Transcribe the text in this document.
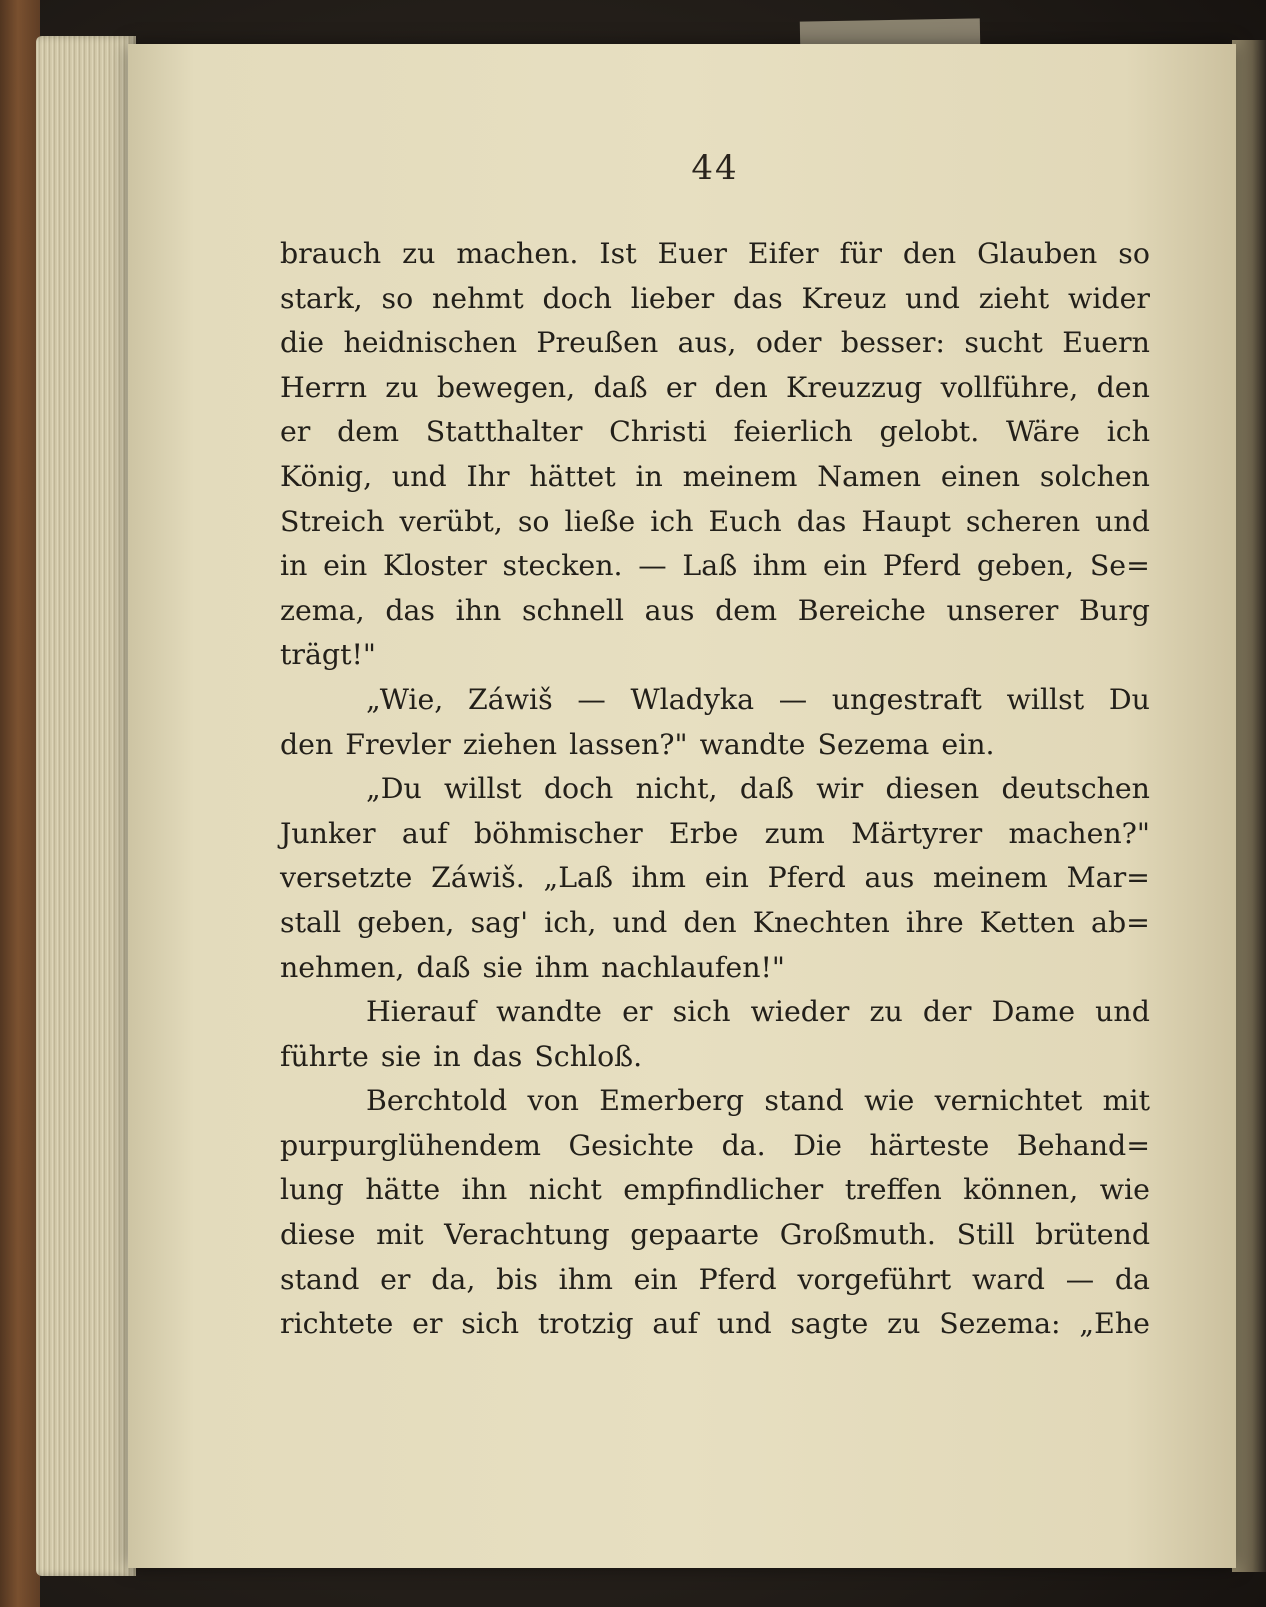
44
brauch zu machen. Ist Euer Eifer für den Glauben so
stark, so nehmt doch lieber das Kreuz und zieht wider
die heidnischen Preußen aus, oder besser: sucht Euern
Herrn zu bewegen, daß er den Kreuzzug vollführe, den
er dem Statthalter Christi feierlich gelobt. Wäre ich
König, und Ihr hättet in meinem Namen einen solchen
Streich verübt, so ließe ich Euch das Haupt scheren und
in ein Kloster stecken. — Laß ihm ein Pferd geben, Se=
zema, das ihn schnell aus dem Bereiche unserer Burg
trägt!"
„Wie, Záwiš — Wladyka — ungestraft willst Du
den Frevler ziehen lassen?" wandte Sezema ein.
„Du willst doch nicht, daß wir diesen deutschen
Junker auf böhmischer Erbe zum Märtyrer machen?"
versetzte Záwiš. „Laß ihm ein Pferd aus meinem Mar=
stall geben, sag' ich, und den Knechten ihre Ketten ab=
nehmen, daß sie ihm nachlaufen!"
Hierauf wandte er sich wieder zu der Dame und
führte sie in das Schloß.
Berchtold von Emerberg stand wie vernichtet mit
purpurglühendem Gesichte da. Die härteste Behand=
lung hätte ihn nicht empfindlicher treffen können, wie
diese mit Verachtung gepaarte Großmuth. Still brütend
stand er da, bis ihm ein Pferd vorgeführt ward — da
richtete er sich trotzig auf und sagte zu Sezema: „Ehe
